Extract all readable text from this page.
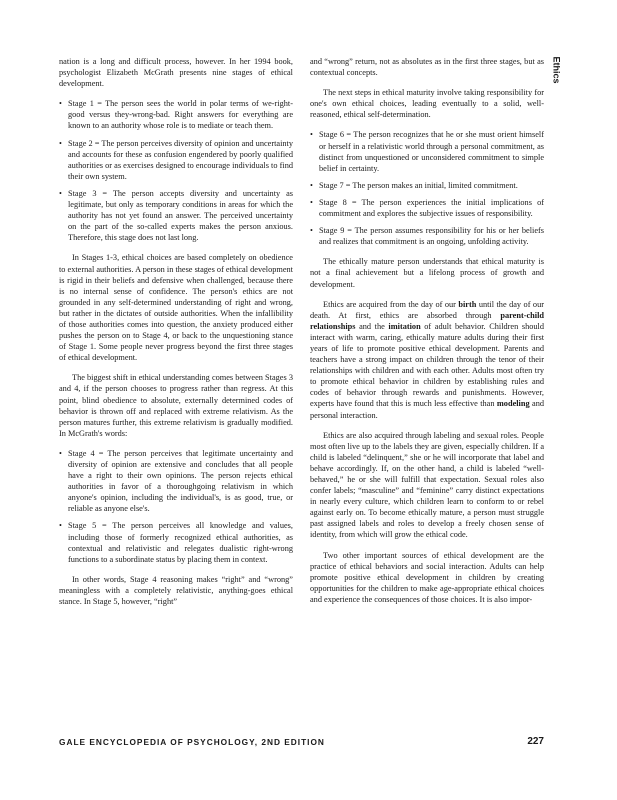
Ethics

nation is a long and difficult process, however. In her 1994 book, psychologist Elizabeth McGrath presents nine stages of ethical development.

• Stage 1 = The person sees the world in polar terms of we-right-good versus they-wrong-bad. Right answers for everything are known to an authority whose role is to mediate or teach them.
• Stage 2 = The person perceives diversity of opinion and uncertainty and accounts for these as confusion engendered by poorly qualified authorities or as exercises designed to encourage individuals to find their own system.
• Stage 3 = The person accepts diversity and uncertainty as legitimate, but only as temporary conditions in areas for which the authority has not yet found an answer. The perceived uncertainty on the part of the so-called experts makes the person anxious. Therefore, this stage does not last long.

In Stages 1-3, ethical choices are based completely on obedience to external authorities. A person in these stages of ethical development is rigid in their beliefs and defensive when challenged, because there is no internal sense of confidence. The person's ethics are not grounded in any self-determined understanding of right and wrong, but rather in the dictates of outside authorities. When the infallibility of those authorities comes into question, the anxiety produced either pushes the person on to Stage 4, or back to the unquestioning stance of Stage 1. Some people never progress beyond the first three stages of ethical development.

The biggest shift in ethical understanding comes between Stages 3 and 4, if the person chooses to progress rather than regress. At this point, blind obedience to absolute, externally determined codes of behavior is thrown off and replaced with extreme relativism. As the person matures further, this extreme relativism is gradually modified. In McGrath's words:

• Stage 4 = The person perceives that legitimate uncertainty and diversity of opinion are extensive and concludes that all people have a right to their own opinions. The person rejects ethical authorities in favor of a thoroughgoing relativism in which anyone's opinion, including the individual's, is as good, true, or reliable as anyone else's.
• Stage 5 = The person perceives all knowledge and values, including those of formerly recognized ethical authorities, as contextual and relativistic and relegates dualistic right-wrong functions to a subordinate status by placing them in context.

In other words, Stage 4 reasoning makes “right” and “wrong” meaningless with a completely relativistic, anything-goes ethical stance. In Stage 5, however, “right”

and “wrong” return, not as absolutes as in the first three stages, but as contextual concepts.

The next steps in ethical maturity involve taking responsibility for one's own ethical choices, leading eventually to a solid, well-reasoned, ethical self-determination.

• Stage 6 = The person recognizes that he or she must orient himself or herself in a relativistic world through a personal commitment, as distinct from unquestioned or unconsidered commitment to simple belief in certainty.
• Stage 7 = The person makes an initial, limited commitment.
• Stage 8 = The person experiences the initial implications of commitment and explores the subjective issues of responsibility.
• Stage 9 = The person assumes responsibility for his or her beliefs and realizes that commitment is an ongoing, unfolding activity.

The ethically mature person understands that ethical maturity is not a final achievement but a lifelong process of growth and development.

Ethics are acquired from the day of our birth until the day of our death. At first, ethics are absorbed through parent-child relationships and the imitation of adult behavior. Children should interact with warm, caring, ethically mature adults during their first years of life to promote positive ethical development. Parents and teachers have a strong impact on children through the tenor of their relationships with children and with each other. Adults most often try to promote ethical behavior in children by establishing rules and codes of behavior through rewards and punishments. However, experts have found that this is much less effective than modeling and personal interaction.

Ethics are also acquired through labeling and sexual roles. People most often live up to the labels they are given, especially children. If a child is labeled “delinquent,” she or he will incorporate that label and behave accordingly. If, on the other hand, a child is labeled “well-behaved,” he or she will fulfill that expectation. Sexual roles also confer labels; “masculine” and “feminine” carry distinct expectations in nearly every culture, which children learn to conform to or rebel against early on. To become ethically mature, a person must struggle past assigned labels and roles to develop a freely chosen sense of identity, from which will grow the ethical code.

Two other important sources of ethical development are the practice of ethical behaviors and social interaction. Adults can help promote positive ethical development in children by creating opportunities for the children to make age-appropriate ethical choices and experience the consequences of those choices. It is also impor-

GALE ENCYCLOPEDIA OF PSYCHOLOGY, 2ND EDITION	227
